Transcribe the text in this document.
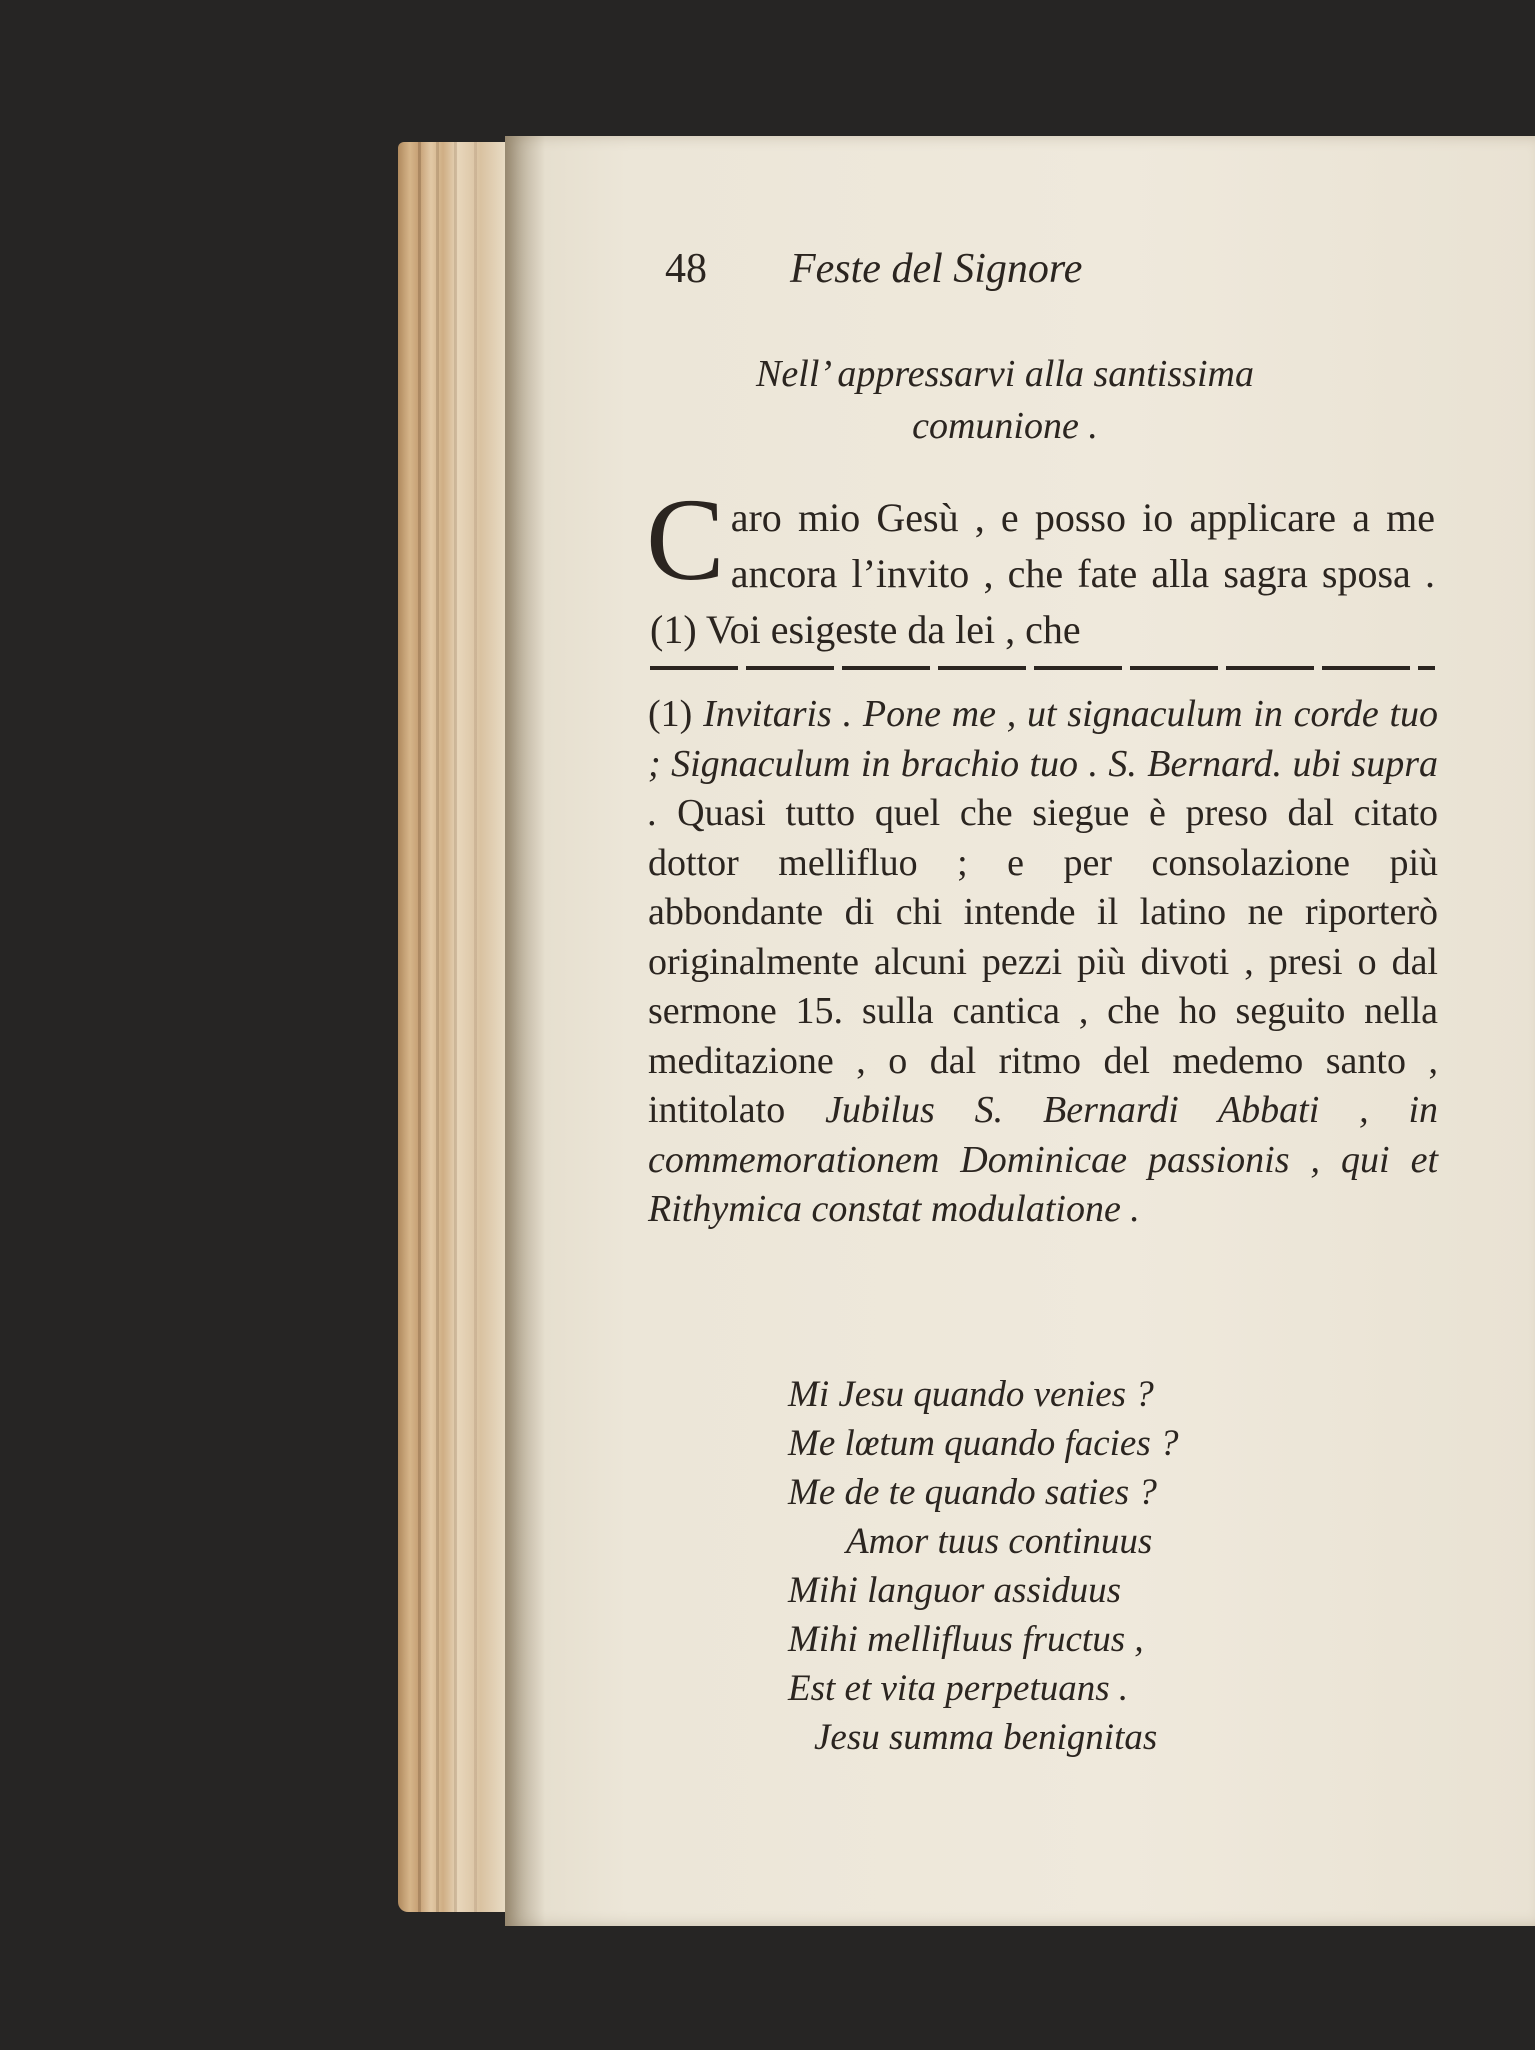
48 Feste del Signore
Nell’ appressarvi alla santissima
comunione .
Caro mio Gesù , e posso io applicare a me ancora l’invito , che fate alla sagra sposa . (1) Voi esigeste da lei , che
(1) Invitaris . Pone me , ut signaculum in corde tuo ; Signaculum in brachio tuo . S. Bernard. ubi supra . Quasi tutto quel che siegue è preso dal citato dottor mellifluo ; e per consolazione più abbondante di chi intende il latino ne riporterò originalmente alcuni pezzi più divoti , presi o dal sermone 15. sulla cantica , che ho seguito nella meditazione , o dal ritmo del medemo santo , intitolato Jubilus S. Bernardi Abbati , in commemorationem Dominicae passionis , qui et Rithymica constat modulatione .
Mi Jesu quando venies ?
Me lœtum quando facies ?
Me de te quando saties ?
Amor tuus continuus
Mihi languor assiduus
Mihi mellifluus fructus ,
Est et vita perpetuans .
Jesu summa benignitas
